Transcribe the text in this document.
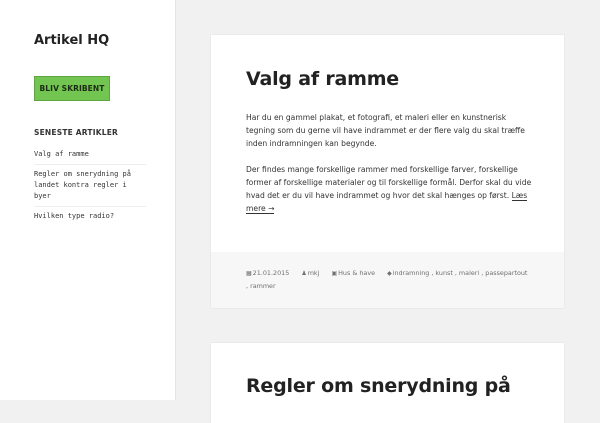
Artikel HQ
BLIV SKRIBENT
SENESTE ARTIKLER
Valg af ramme
Regler om snerydning på landet kontra regler i byer
Hvilken type radio?
Valg af ramme

Har du en gammel plakat, et fotografi, et maleri eller en kunstnerisk tegning som du gerne vil have indrammet er der flere valg du skal træffe inden indramningen kan begynde.

Der findes mange forskellige rammer med forskellige farver, forskellige former af forskellige materialer og til forskellige formål. Derfor skal du vide hvad det er du vil have indrammet og hvor det skal hænges op først. Læs mere →

▦21.01.2015 ♟mkj ▣Hus & have ◆indramning , kunst , maleri , passepartout , rammer
Regler om snerydning på
